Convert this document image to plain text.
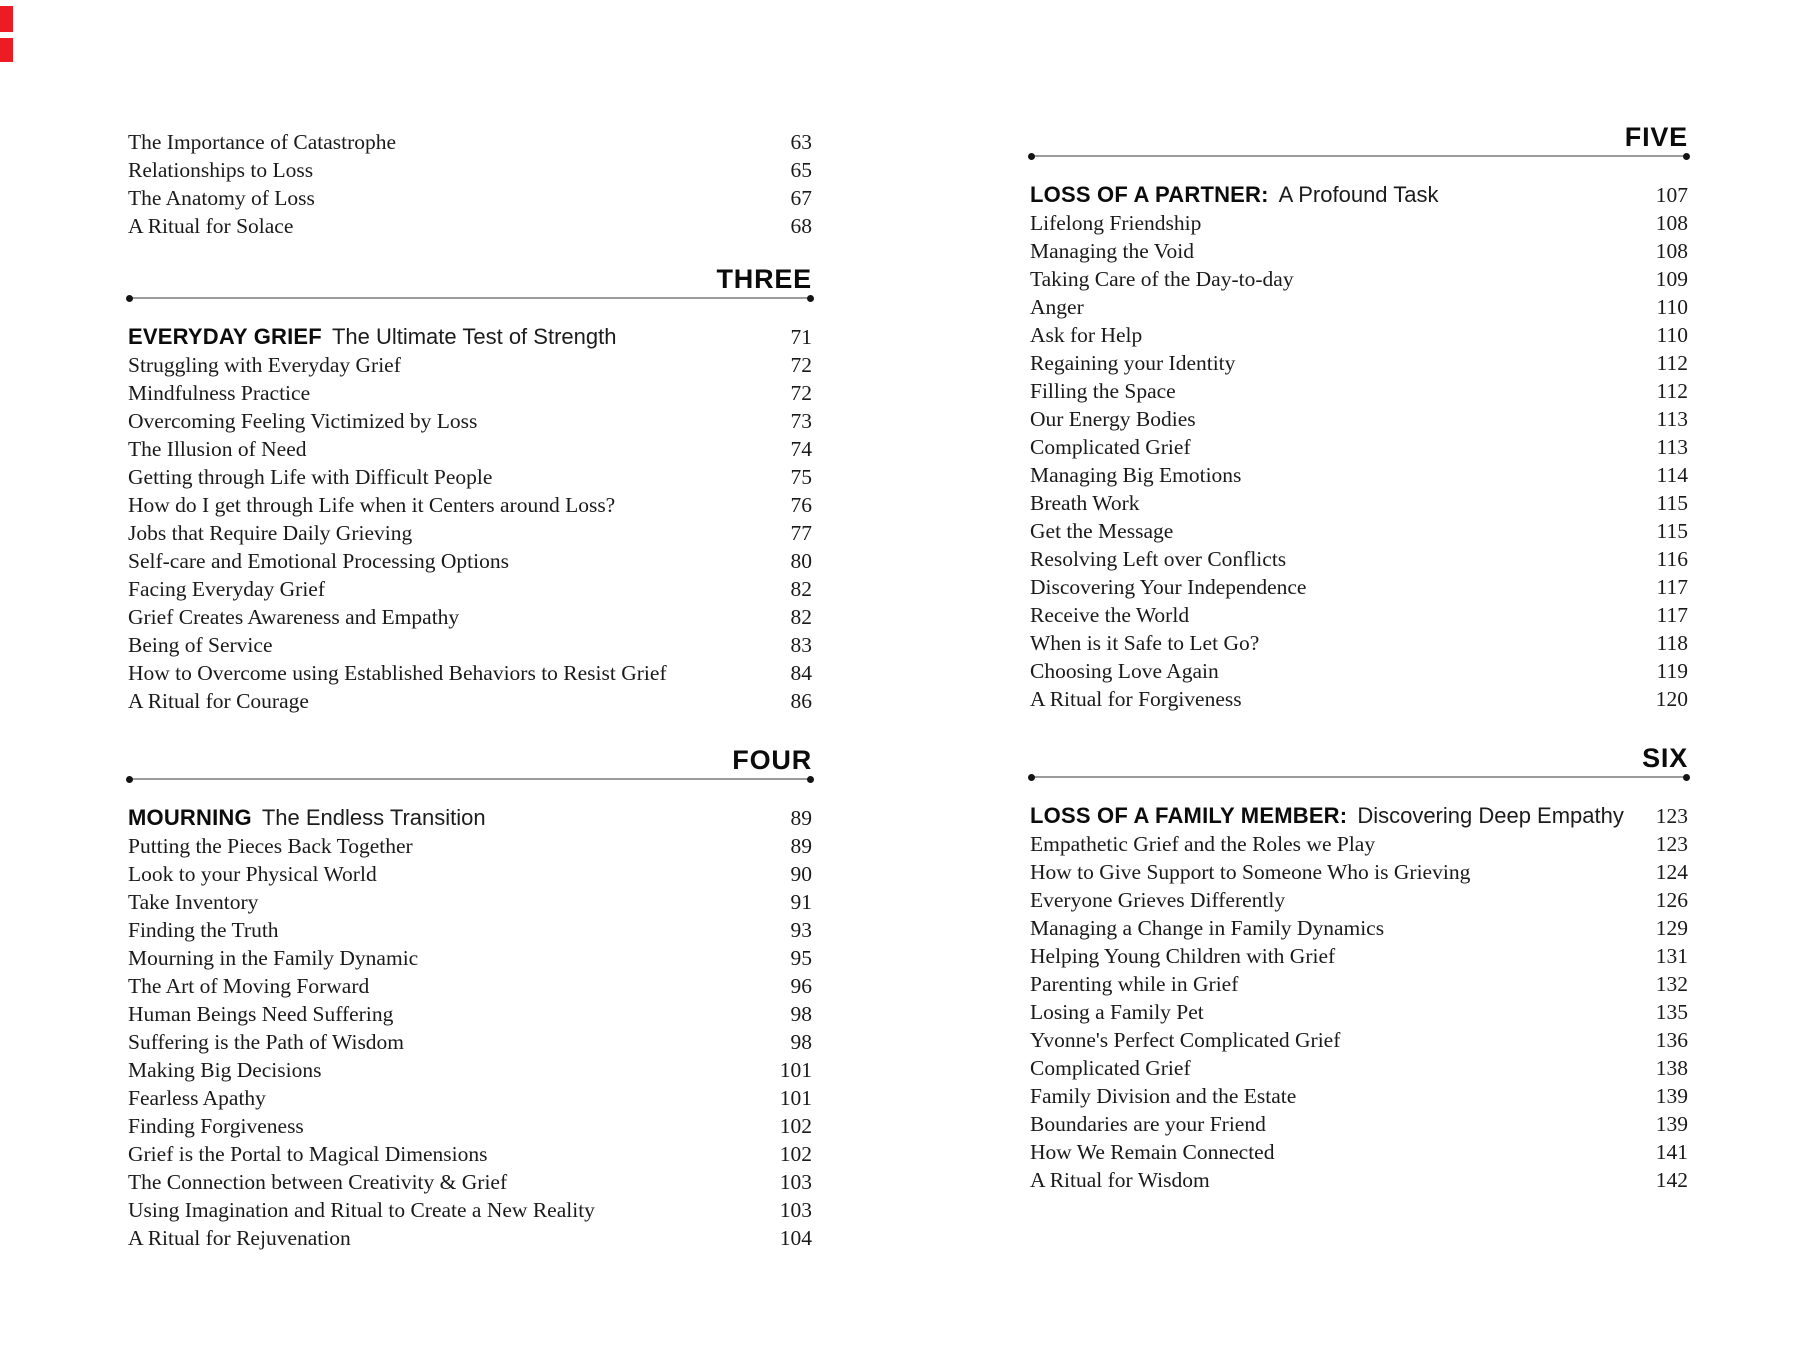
The Importance of Catastrophe	63
Relationships to Loss	65
The Anatomy of Loss	67
A Ritual for Solace	68
THREE
EVERYDAY GRIEF The Ultimate Test of Strength	71
Struggling with Everyday Grief	72
Mindfulness Practice	72
Overcoming Feeling Victimized by Loss	73
The Illusion of Need	74
Getting through Life with Difficult People	75
How do I get through Life when it Centers around Loss?	76
Jobs that Require Daily Grieving	77
Self-care and Emotional Processing Options	80
Facing Everyday Grief	82
Grief Creates Awareness and Empathy	82
Being of Service	83
How to Overcome using Established Behaviors to Resist Grief	84
A Ritual for Courage	86
FOUR
MOURNING The Endless Transition	89
Putting the Pieces Back Together	89
Look to your Physical World	90
Take Inventory	91
Finding the Truth	93
Mourning in the Family Dynamic	95
The Art of Moving Forward	96
Human Beings Need Suffering	98
Suffering is the Path of Wisdom	98
Making Big Decisions	101
Fearless Apathy	101
Finding Forgiveness	102
Grief is the Portal to Magical Dimensions	102
The Connection between Creativity & Grief	103
Using Imagination and Ritual to Create a New Reality	103
A Ritual for Rejuvenation	104
FIVE
LOSS OF A PARTNER: A Profound Task	107
Lifelong Friendship	108
Managing the Void	108
Taking Care of the Day-to-day	109
Anger	110
Ask for Help	110
Regaining your Identity	112
Filling the Space	112
Our Energy Bodies	113
Complicated Grief	113
Managing Big Emotions	114
Breath Work	115
Get the Message	115
Resolving Left over Conflicts	116
Discovering Your Independence	117
Receive the World	117
When is it Safe to Let Go?	118
Choosing Love Again	119
A Ritual for Forgiveness	120
SIX
LOSS OF A FAMILY MEMBER: Discovering Deep Empathy 123
Empathetic Grief and the Roles we Play	123
How to Give Support to Someone Who is Grieving	124
Everyone Grieves Differently	126
Managing a Change in Family Dynamics	129
Helping Young Children with Grief	131
Parenting while in Grief	132
Losing a Family Pet	135
Yvonne's Perfect Complicated Grief	136
Complicated Grief	138
Family Division and the Estate	139
Boundaries are your Friend	139
How We Remain Connected	141
A Ritual for Wisdom	142
